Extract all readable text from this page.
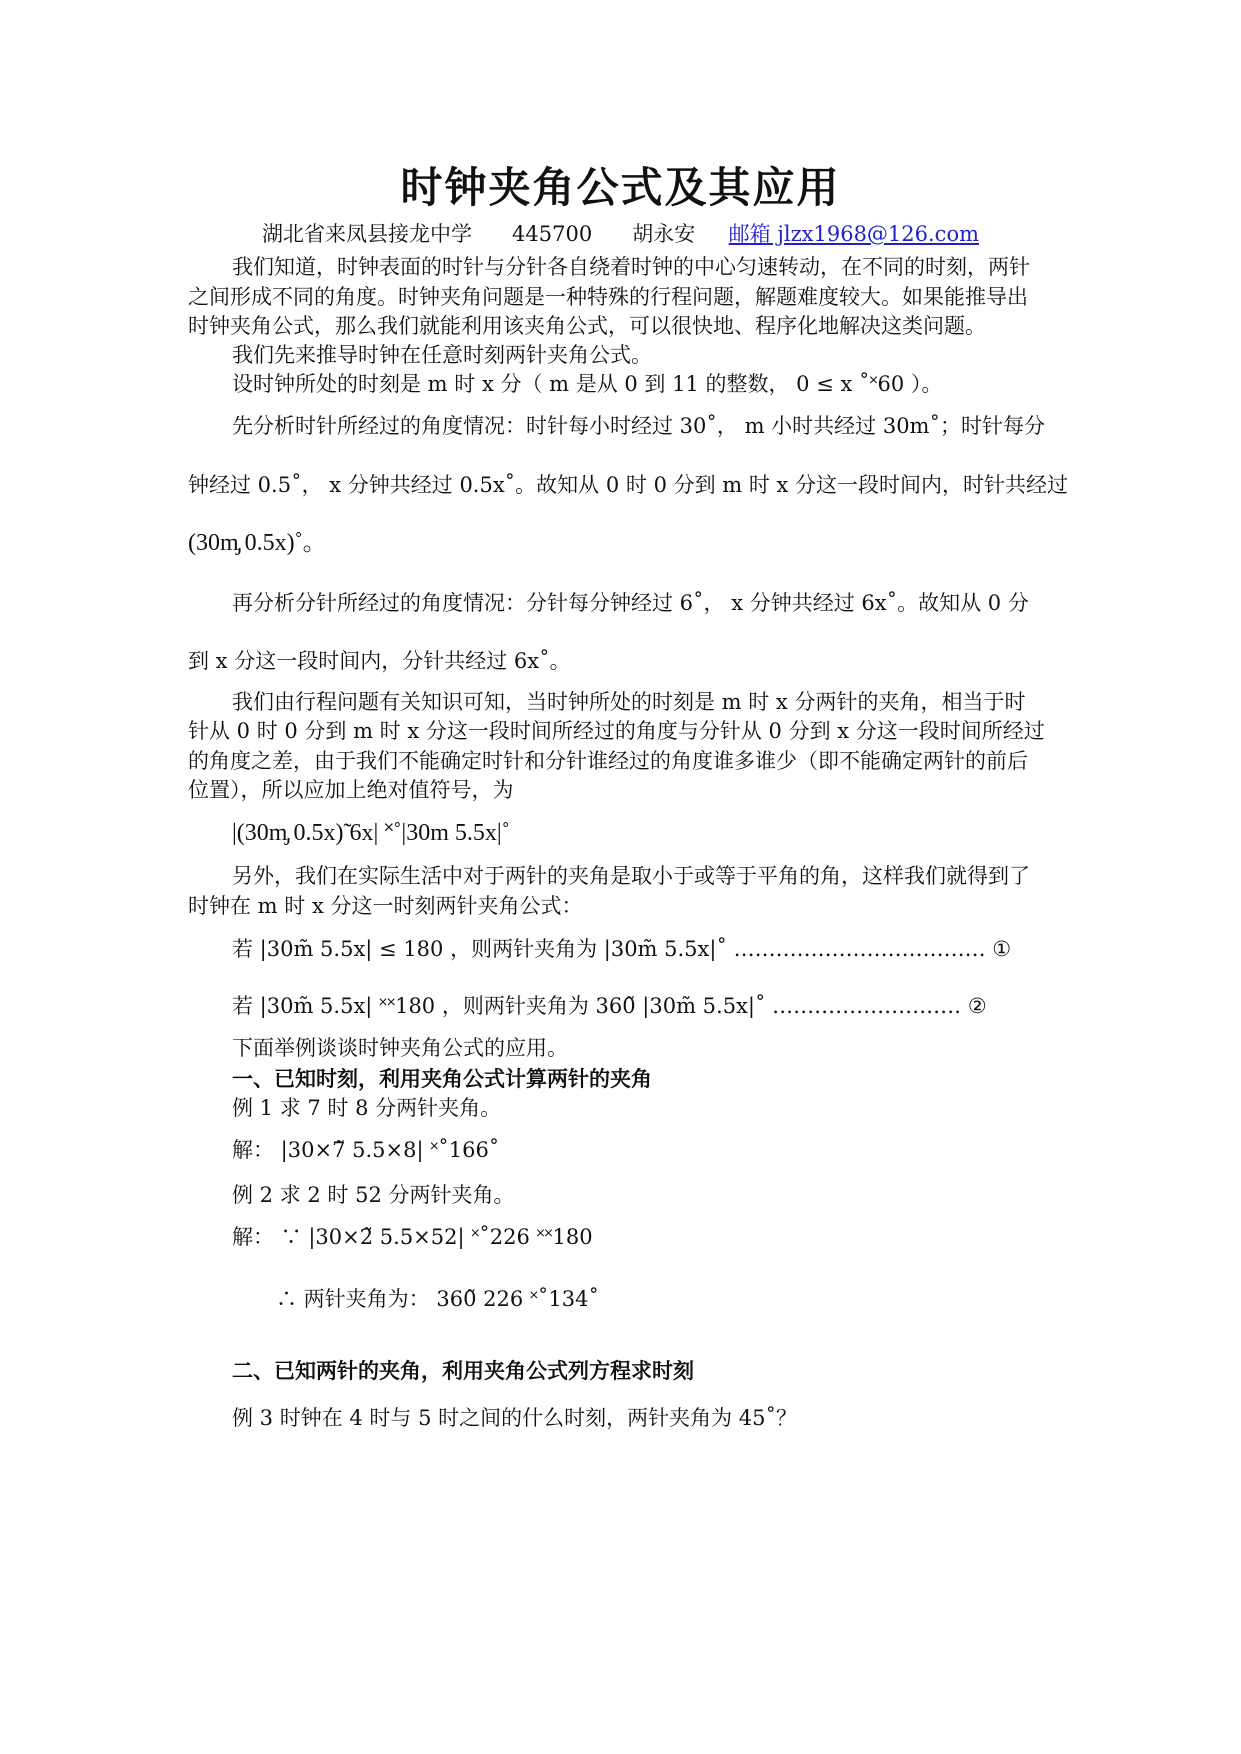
时钟夹角公式及其应用
湖北省来凤县接龙中学 445700 胡永安 邮箱 jlzx1968@126.com
我们知道，时钟表面的时针与分针各自绕着时钟的中心匀速转动，在不同的时刻，两针
之间形成不同的角度。时钟夹角问题是一种特殊的行程问题，解题难度较大。如果能推导出
时钟夹角公式，那么我们就能利用该夹角公式，可以很快地、程序化地解决这类问题。
我们先来推导时钟在任意时刻两针夹角公式。
设时钟所处的时刻是 m 时 x 分（ m 是从 0 到 11 的整数， 0 ≤ x ˚˟60 ）。
先分析时针所经过的角度情况：时针每小时经过 30˚， m 小时共经过 30m˚；时针每分
钟经过 0.5˚， x 分钟共经过 0.5x˚。故知从 0 时 0 分到 m 时 x 分这一段时间内，时针共经过
(30m̡ 0.5x)˚。
再分析分针所经过的角度情况：分针每分钟经过 6˚， x 分钟共经过 6x˚。故知从 0 分
到 x 分这一段时间内，分针共经过 6x˚。
我们由行程问题有关知识可知，当时钟所处的时刻是 m 时 x 分两针的夹角，相当于时
针从 0 时 0 分到 m 时 x 分这一段时间所经过的角度与分针从 0 分到 x 分这一段时间所经过
的角度之差，由于我们不能确定时针和分针谁经过的角度谁多谁少（即不能确定两针的前后
位置），所以应加上绝对值符号，为
|(30m̡ 0.5x)̃ 6x| ˟˚|30m 5.5x|˚
另外，我们在实际生活中对于两针的夹角是取小于或等于平角的角，这样我们就得到了
时钟在 m 时 x 分这一时刻两针夹角公式：
若 |30m̃ 5.5x| ≤ 180 ，则两针夹角为 |30m̃ 5.5x|˚ ……………………………… ①
若 |30m̃ 5.5x| ˟˟180 ，则两针夹角为 360̃ |30m̃ 5.5x|˚ ……………………… ②
下面举例谈谈时钟夹角公式的应用。
一、已知时刻，利用夹角公式计算两针的夹角
例 1 求 7 时 8 分两针夹角。
解： |30×7̃ 5.5×8| ˟˚166˚
例 2 求 2 时 52 分两针夹角。
解： ∵ |30×2̃ 5.5×52| ˟˚226 ˟˟180
∴ 两针夹角为： 360̃ 226 ˟˚134˚
二、已知两针的夹角，利用夹角公式列方程求时刻
例 3 时钟在 4 时与 5 时之间的什么时刻，两针夹角为 45˚？
